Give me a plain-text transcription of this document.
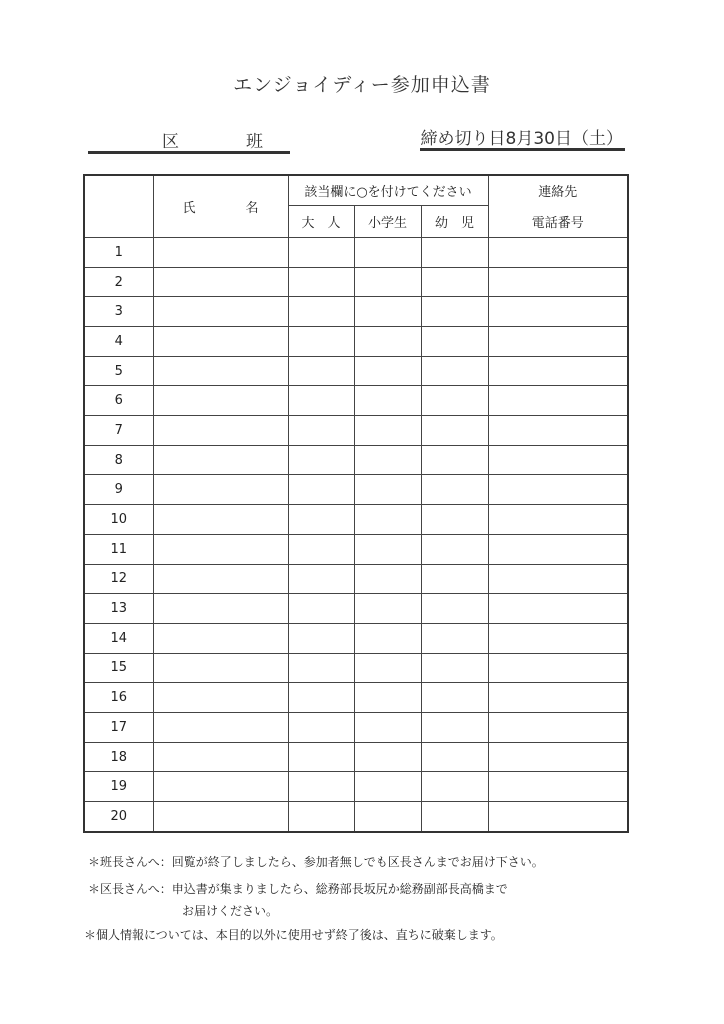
エンジョイディー参加申込書
区	班	締め切り日8月30日（土）
	氏 名	該当欄に○を付けてください			連絡先
		大　人	小学生	幼　児	電話番号
1					
2					
3					
4					
5					
6					
7					
8					
9					
10					
11					
12					
13					
14					
15					
16					
17					
18					
19					
20					
＊班長さんへ：回覧が終了しましたら、参加者無しでも区長さんまでお届け下さい。
＊区長さんへ：申込書が集まりましたら、総務部長坂尻か総務副部長高橋まで
お届けください。
＊個人情報については、本目的以外に使用せず終了後は、直ちに破棄します。
